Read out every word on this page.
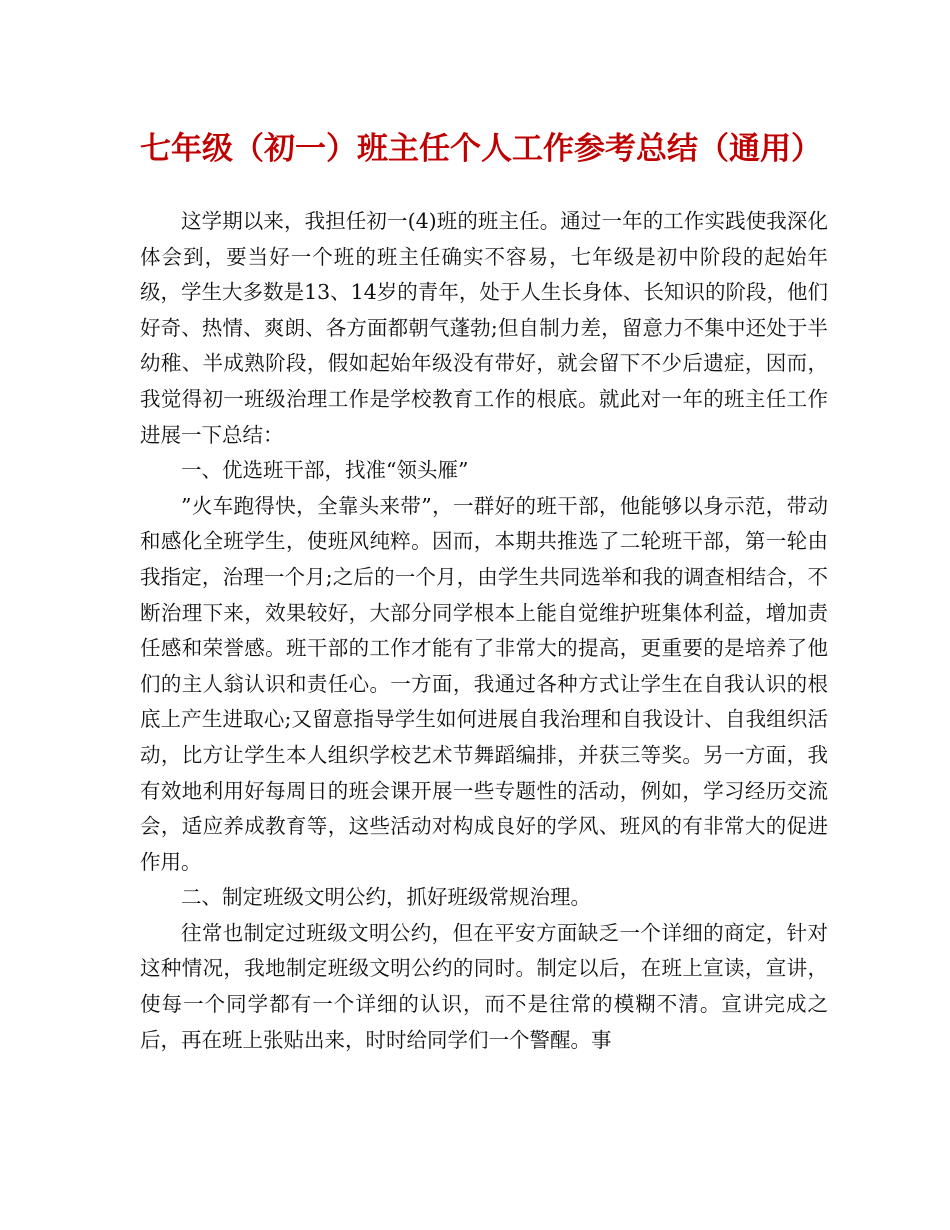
七年级（初一）班主任个人工作参考总结（通用）

这学期以来，我担任初一(4)班的班主任。通过一年的工作实践使我深化体会到，要当好一个班的班主任确实不容易，七年级是初中阶段的起始年级，学生大多数是13、14岁的青年，处于人生长身体、长知识的阶段，他们好奇、热情、爽朗、各方面都朝气蓬勃;但自制力差，留意力不集中还处于半幼稚、半成熟阶段，假如起始年级没有带好，就会留下不少后遗症，因而，我觉得初一班级治理工作是学校教育工作的根底。就此对一年的班主任工作进展一下总结：

一、优选班干部，找准“领头雁”

”火车跑得快，全靠头来带”，一群好的班干部，他能够以身示范，带动和感化全班学生，使班风纯粹。因而，本期共推选了二轮班干部，第一轮由我指定，治理一个月;之后的一个月，由学生共同选举和我的调查相结合，不断治理下来，效果较好，大部分同学根本上能自觉维护班集体利益，增加责任感和荣誉感。班干部的工作才能有了非常大的提高，更重要的是培养了他们的主人翁认识和责任心。一方面，我通过各种方式让学生在自我认识的根底上产生进取心;又留意指导学生如何进展自我治理和自我设计、自我组织活动，比方让学生本人组织学校艺术节舞蹈编排，并获三等奖。另一方面，我有效地利用好每周日的班会课开展一些专题性的活动，例如，学习经历交流会，适应养成教育等，这些活动对构成良好的学风、班风的有非常大的促进作用。

二、制定班级文明公约，抓好班级常规治理。

往常也制定过班级文明公约，但在平安方面缺乏一个详细的商定，针对这种情况，我地制定班级文明公约的同时。制定以后，在班上宣读，宣讲，使每一个同学都有一个详细的认识，而不是往常的模糊不清。宣讲完成之后，再在班上张贴出来，时时给同学们一个警醒。事
